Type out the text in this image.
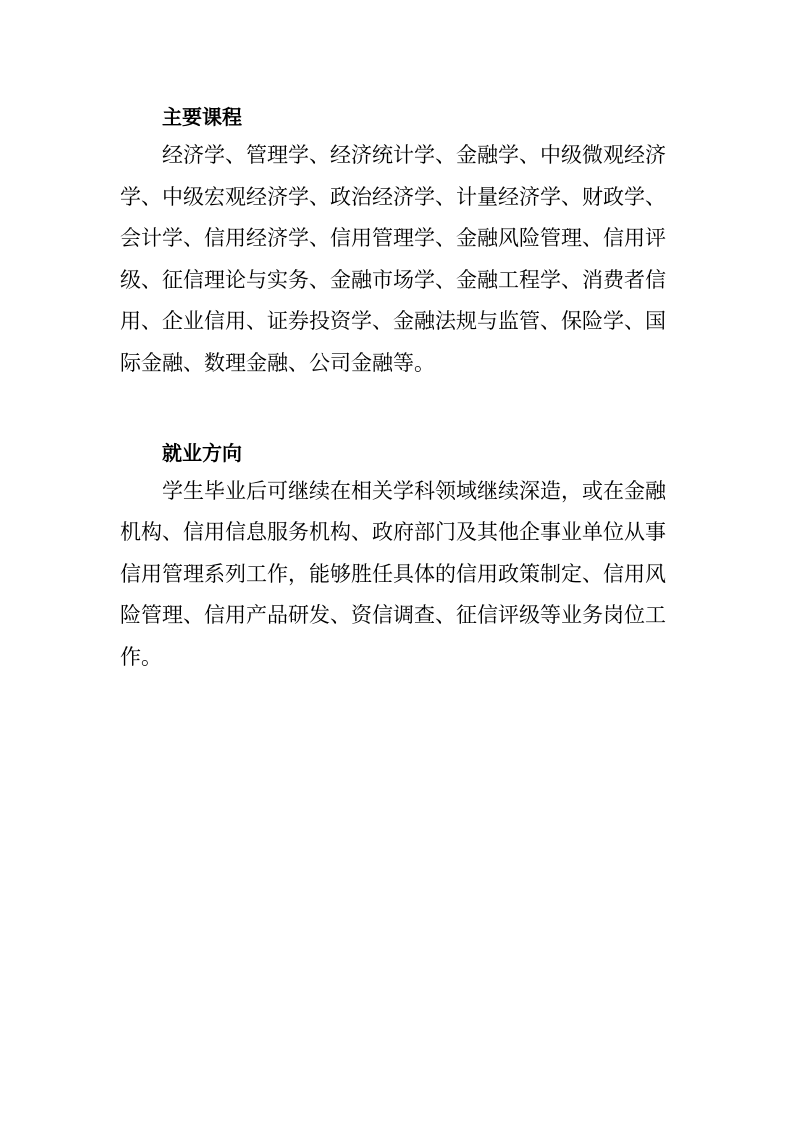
主要课程
经济学、管理学、经济统计学、金融学、中级微观经济
学、中级宏观经济学、政治经济学、计量经济学、财政学、
会计学、信用经济学、信用管理学、金融风险管理、信用评
级、征信理论与实务、金融市场学、金融工程学、消费者信
用、企业信用、证券投资学、金融法规与监管、保险学、国
际金融、数理金融、公司金融等。
就业方向
学生毕业后可继续在相关学科领域继续深造，或在金融
机构、信用信息服务机构、政府部门及其他企事业单位从事
信用管理系列工作，能够胜任具体的信用政策制定、信用风
险管理、信用产品研发、资信调查、征信评级等业务岗位工
作。
